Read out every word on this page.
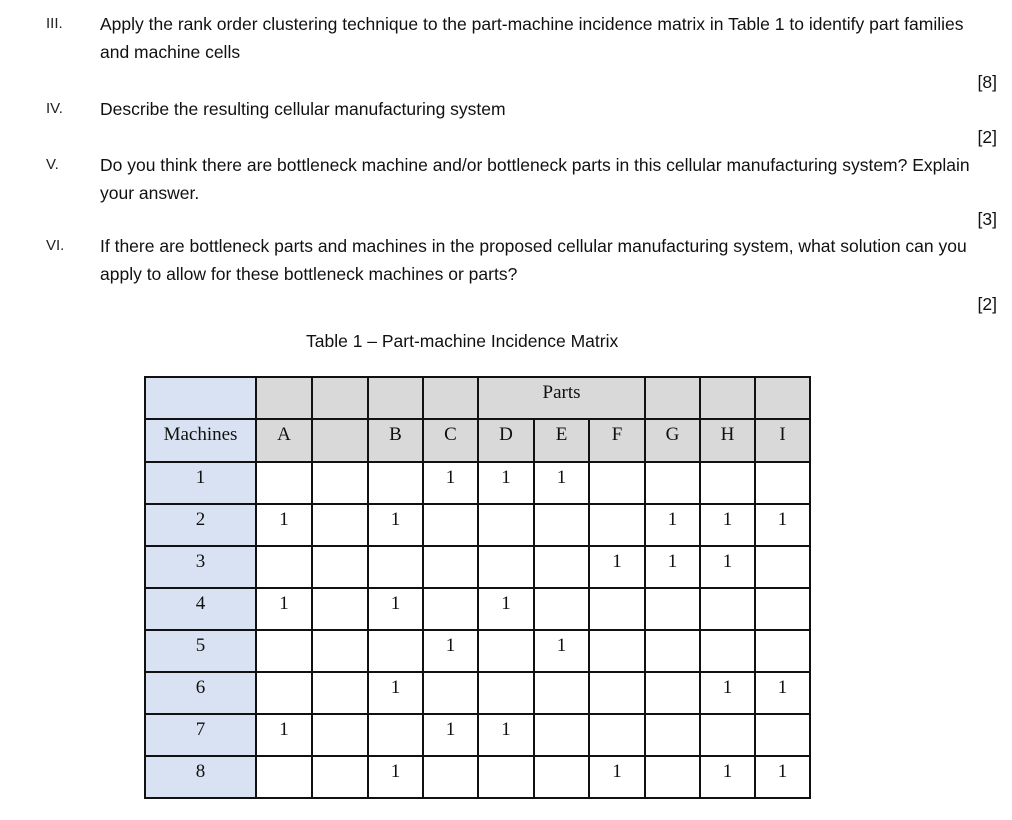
III. Apply the rank order clustering technique to the part-machine incidence matrix in Table 1 to identify part families and machine cells
[8]
IV. Describe the resulting cellular manufacturing system
[2]
V. Do you think there are bottleneck machine and/or bottleneck parts in this cellular manufacturing system? Explain your answer.
[3]
VI. If there are bottleneck parts and machines in the proposed cellular manufacturing system, what solution can you apply to allow for these bottleneck machines or parts?
[2]
Table 1 – Part-machine Incidence Matrix
					Parts					
Machines	A		B	C	D	E	F	G	H	I
1				1	1	1				
2	1		1					1	1	1
3							1	1	1	
4	1		1		1					
5				1		1				
6			1						1	1
7	1			1	1					
8			1				1		1	1
